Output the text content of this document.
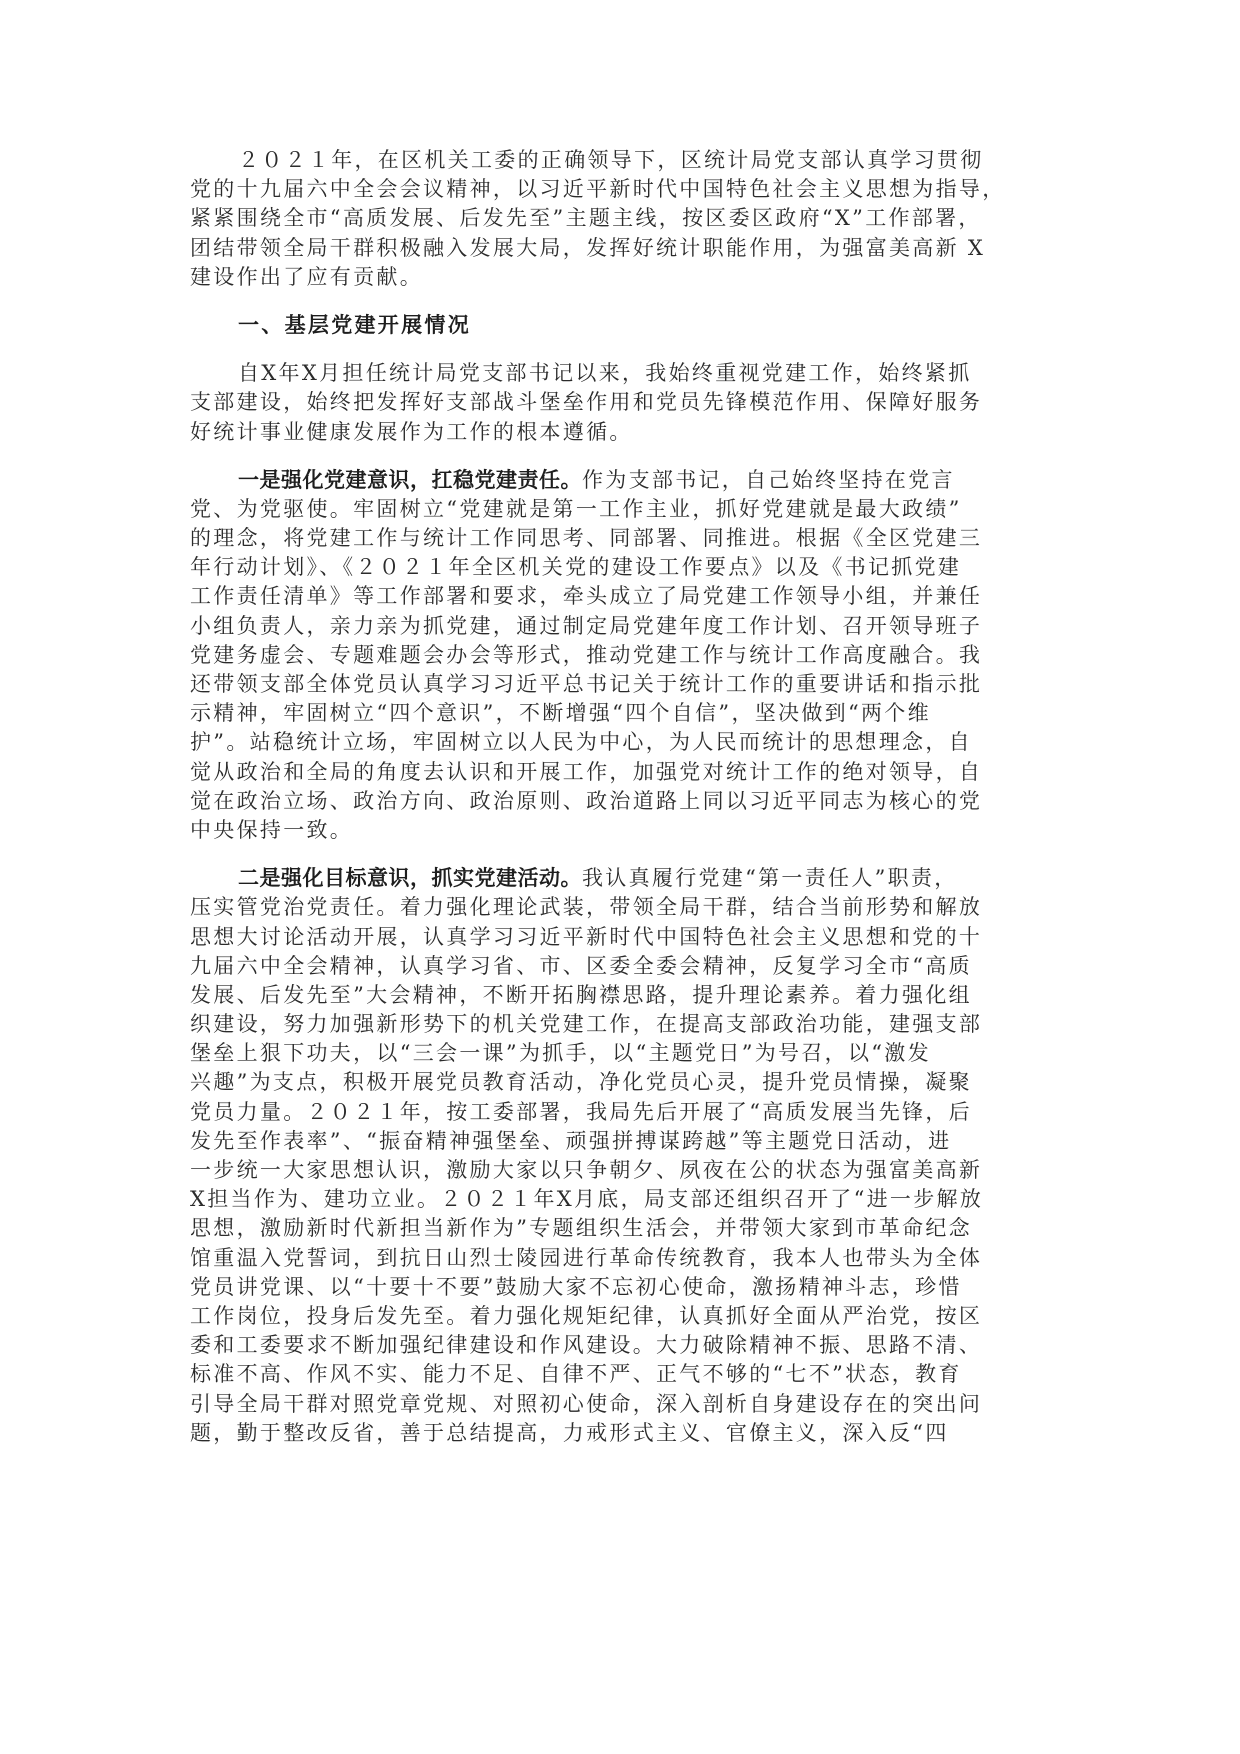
２０２１年，在区机关工委的正确领导下，区统计局党支部认真学习贯彻
党的十九届六中全会会议精神，以习近平新时代中国特色社会主义思想为指导，
紧紧围绕全市“高质发展、后发先至”主题主线，按区委区政府“X”工作部署，
团结带领全局干群积极融入发展大局，发挥好统计职能作用，为强富美高新 X
建设作出了应有贡献。
一、基层党建开展情况
自X年X月担任统计局党支部书记以来，我始终重视党建工作，始终紧抓
支部建设，始终把发挥好支部战斗堡垒作用和党员先锋模范作用、保障好服务
好统计事业健康发展作为工作的根本遵循。
一是强化党建意识，扛稳党建责任。作为支部书记，自己始终坚持在党言
党、为党驱使。牢固树立“党建就是第一工作主业，抓好党建就是最大政绩”
的理念，将党建工作与统计工作同思考、同部署、同推进。根据《全区党建三
年行动计划》、《２０２１年全区机关党的建设工作要点》以及《书记抓党建
工作责任清单》等工作部署和要求，牵头成立了局党建工作领导小组，并兼任
小组负责人，亲力亲为抓党建，通过制定局党建年度工作计划、召开领导班子
党建务虚会、专题难题会办会等形式，推动党建工作与统计工作高度融合。我
还带领支部全体党员认真学习习近平总书记关于统计工作的重要讲话和指示批
示精神，牢固树立“四个意识”，不断增强“四个自信”，坚决做到“两个维
护”。站稳统计立场，牢固树立以人民为中心，为人民而统计的思想理念，自
觉从政治和全局的角度去认识和开展工作，加强党对统计工作的绝对领导，自
觉在政治立场、政治方向、政治原则、政治道路上同以习近平同志为核心的党
中央保持一致。
二是强化目标意识，抓实党建活动。我认真履行党建“第一责任人”职责，
压实管党治党责任。着力强化理论武装，带领全局干群，结合当前形势和解放
思想大讨论活动开展，认真学习习近平新时代中国特色社会主义思想和党的十
九届六中全会精神，认真学习省、市、区委全委会精神，反复学习全市“高质
发展、后发先至”大会精神，不断开拓胸襟思路，提升理论素养。着力强化组
织建设，努力加强新形势下的机关党建工作，在提高支部政治功能，建强支部
堡垒上狠下功夫，以“三会一课”为抓手，以“主题党日”为号召，以“激发
兴趣”为支点，积极开展党员教育活动，净化党员心灵，提升党员情操，凝聚
党员力量。２０２１年，按工委部署，我局先后开展了“高质发展当先锋，后
发先至作表率”、“振奋精神强堡垒、顽强拼搏谋跨越”等主题党日活动，进
一步统一大家思想认识，激励大家以只争朝夕、夙夜在公的状态为强富美高新
X担当作为、建功立业。２０２１年X月底，局支部还组织召开了“进一步解放
思想，激励新时代新担当新作为”专题组织生活会，并带领大家到市革命纪念
馆重温入党誓词，到抗日山烈士陵园进行革命传统教育，我本人也带头为全体
党员讲党课、以“十要十不要”鼓励大家不忘初心使命，激扬精神斗志，珍惜
工作岗位，投身后发先至。着力强化规矩纪律，认真抓好全面从严治党，按区
委和工委要求不断加强纪律建设和作风建设。大力破除精神不振、思路不清、
标准不高、作风不实、能力不足、自律不严、正气不够的“七不”状态，教育
引导全局干群对照党章党规、对照初心使命，深入剖析自身建设存在的突出问
题，勤于整改反省，善于总结提高，力戒形式主义、官僚主义，深入反“四
